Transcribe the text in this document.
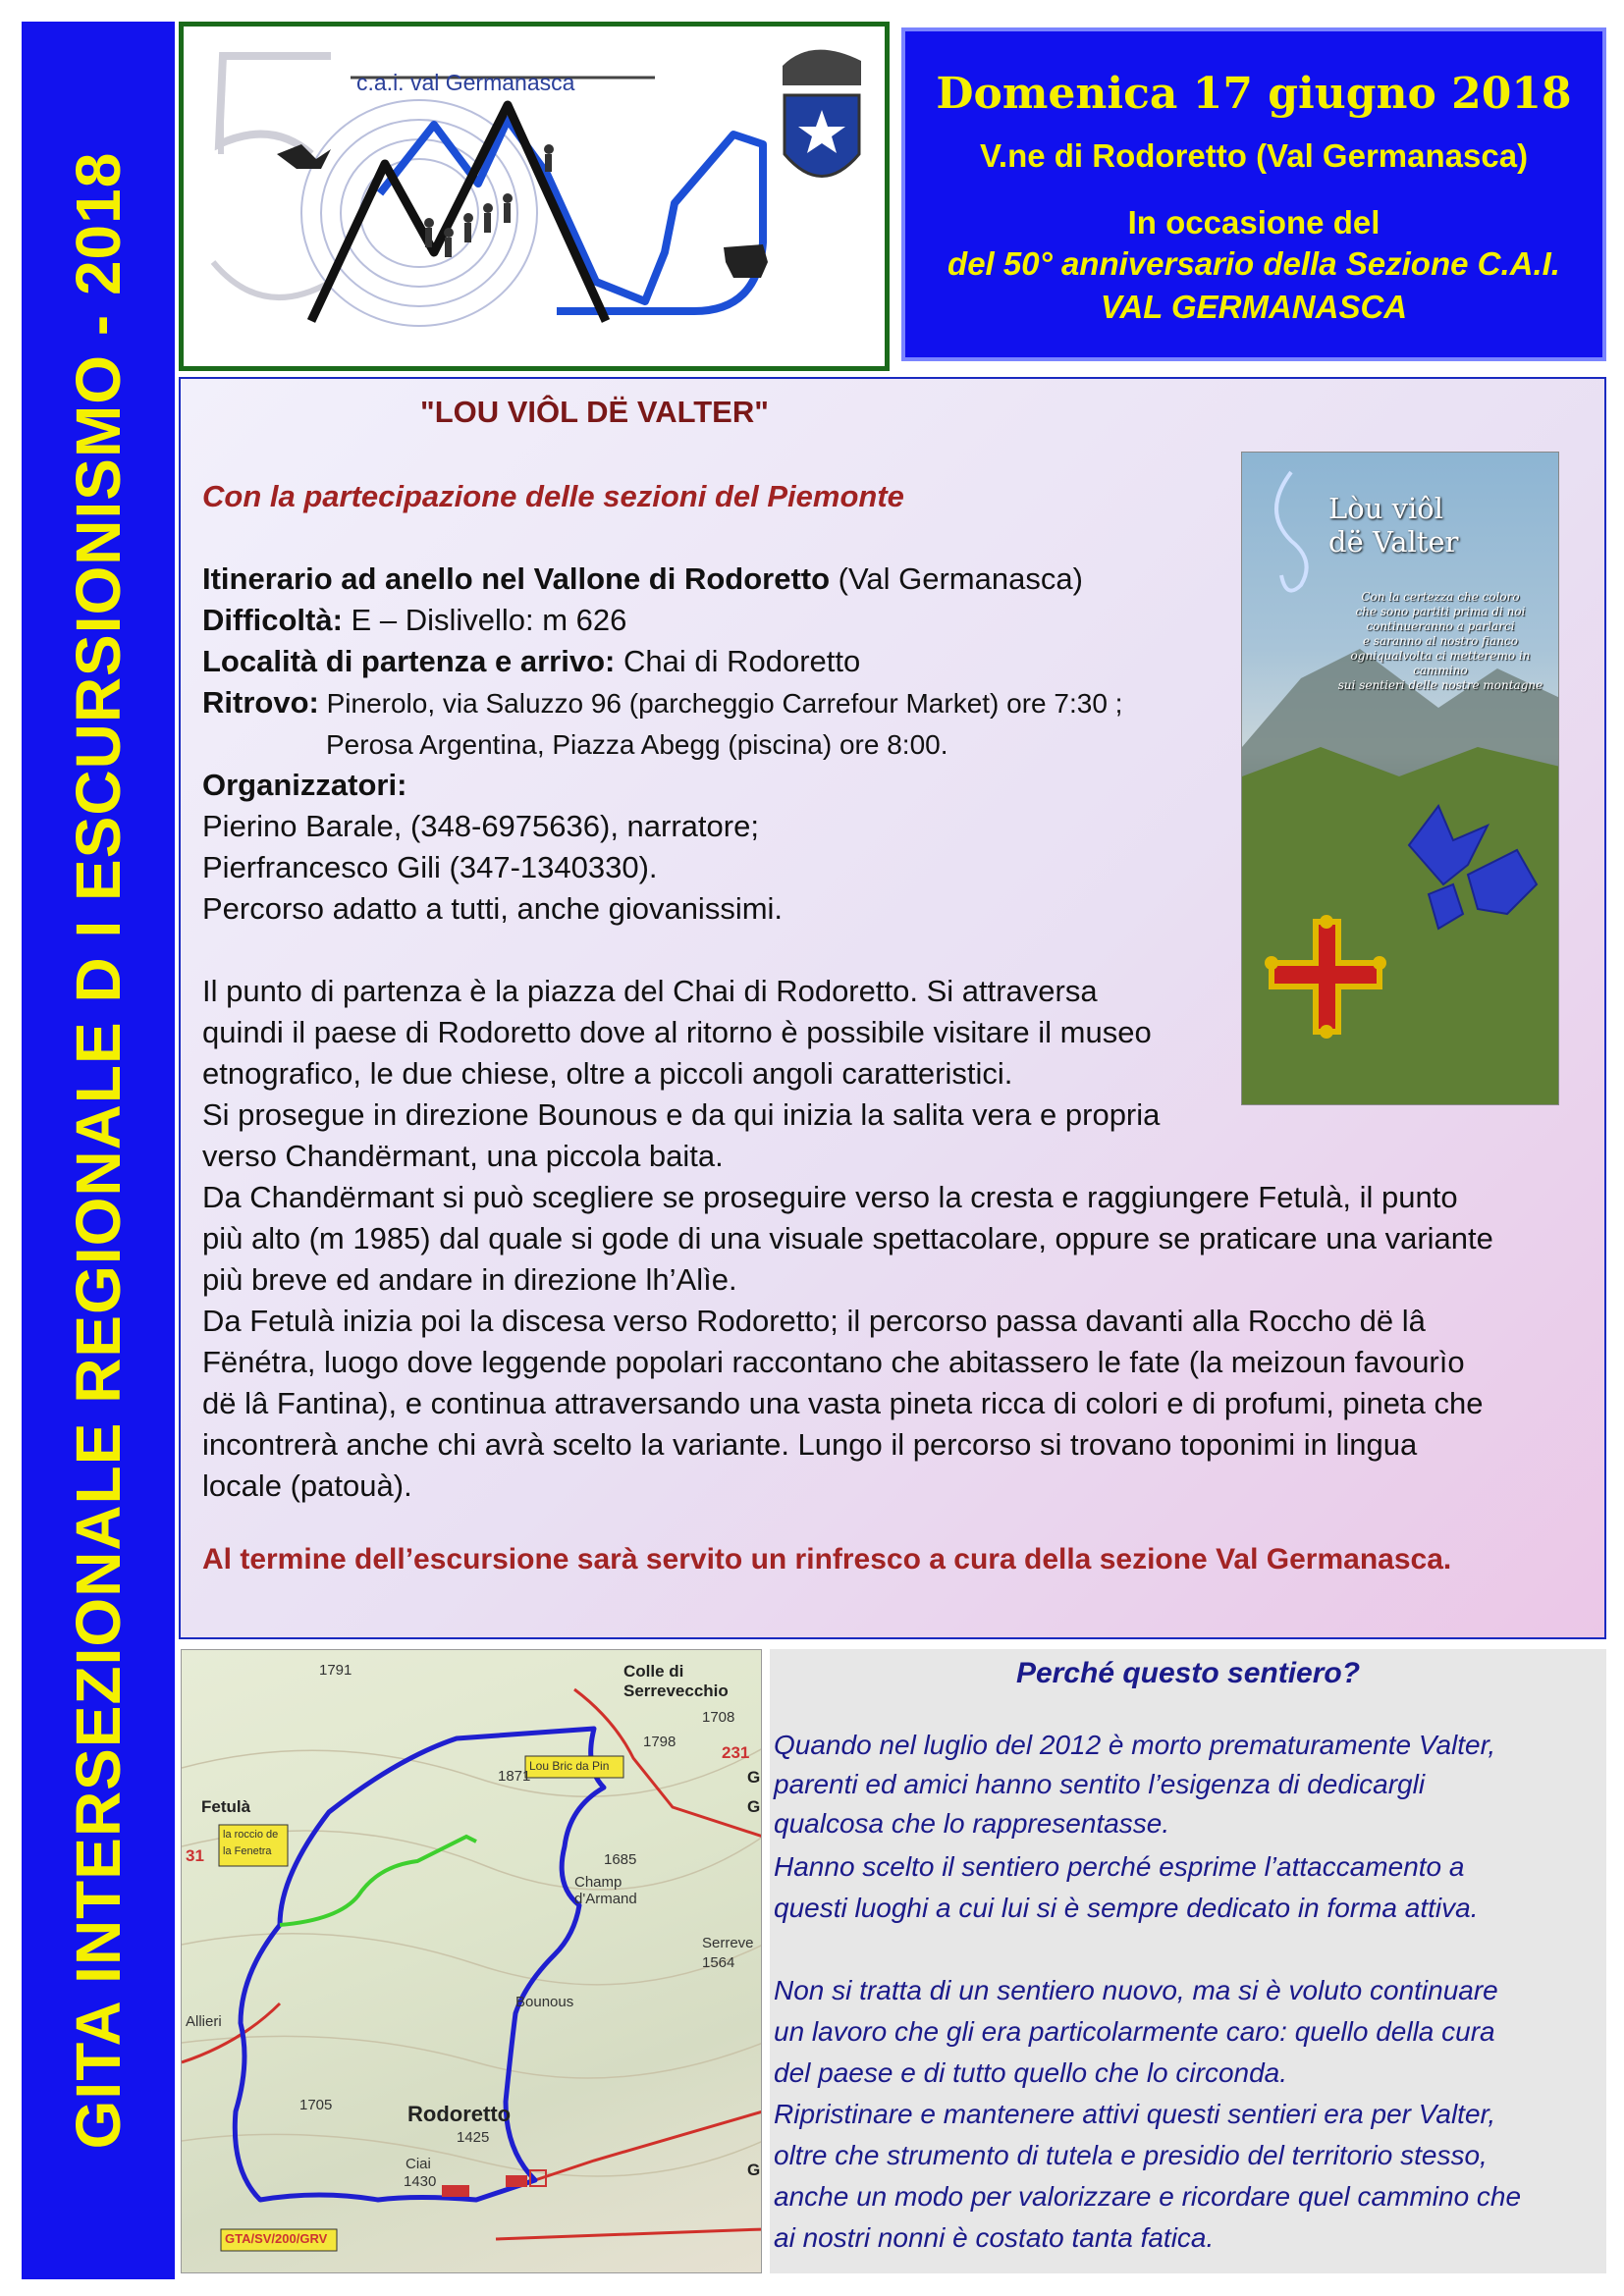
GITA INTERSEZIONALE REGIONALE D I ESCURSIONISMO - 2018
c.a.i. val Germanasca	Domenica 17 giugno 2018
V.ne di Rodoretto (Val Germanasca)
In occasione del
del 50° anniversario della Sezione C.A.I.
VAL GERMANASCA
"LOU VIÔL DË VALTER"
Con la partecipazione delle sezioni del Piemonte
Itinerario ad anello nel Vallone di Rodoretto (Val Germanasca)
Difficoltà: E – Dislivello: m 626
Località di partenza e arrivo: Chai di Rodoretto
Ritrovo: Pinerolo, via Saluzzo 96 (parcheggio Carrefour Market) ore 7:30 ;
Perosa Argentina, Piazza Abegg (piscina) ore 8:00.
Organizzatori:
Pierino Barale, (348-6975636), narratore;
Pierfrancesco Gili (347-1340330).
Percorso adatto a tutti, anche giovanissimi.
Il punto di partenza è la piazza del Chai di Rodoretto. Si attraversa
quindi il paese di Rodoretto dove al ritorno è possibile visitare il museo
etnografico, le due chiese, oltre a piccoli angoli caratteristici.
Si prosegue in direzione Bounous e da qui inizia la salita vera e propria
verso Chandërmant, una piccola baita.
Da Chandërmant si può scegliere se proseguire verso la cresta e raggiungere Fetulà, il punto
più alto (m 1985) dal quale si gode di una visuale spettacolare, oppure se praticare una variante
più breve ed andare in direzione lh’Alìe.
Da Fetulà inizia poi la discesa verso Rodoretto; il percorso passa davanti alla Roccho dë lâ
Fënétra, luogo dove leggende popolari raccontano che abitassero le fate (la meizoun favourìo
dë lâ Fantina), e continua attraversando una vasta pineta ricca di colori e di profumi, pineta che
incontrerà anche chi avrà scelto la variante. Lungo il percorso si trovano toponimi in lingua
locale (patouà).
Al termine dell’escursione sarà servito un rinfresco a cura della sezione Val Germanasca.
Lòu viôl
dë Valter
Con la certezza che coloro
che sono partiti prima di noi
continueranno a parlarci
e saranno al nostro fianco
ogniqualvolta ci metteremo in cammino
sui sentieri delle nostre montagne
Colle di
Serrevecchio
1791
1708
1798
231
1871
Lou Bric da Pin
Fetulà
la roccio de
la Fenetra
31	1685
Champ
d'Armand
Serreve
1564
Bounous
Allieri
1705	Rodoretto
1425
Ciai
1430
GTA/SV/200/GRV
G
G
G
Perché questo sentiero?
Quando nel luglio del 2012 è morto prematuramente Valter,
parenti ed amici hanno sentito l’esigenza di dedicargli
qualcosa che lo rappresentasse.
Hanno scelto il sentiero perché esprime l’attaccamento a
questi luoghi a cui lui si è sempre dedicato in forma attiva.
Non si tratta di un sentiero nuovo, ma si è voluto continuare
un lavoro che gli era particolarmente caro: quello della cura
del paese e di tutto quello che lo circonda.
Ripristinare e mantenere attivi questi sentieri era per Valter,
oltre che strumento di tutela e presidio del territorio stesso,
anche un modo per valorizzare e ricordare quel cammino che
ai nostri nonni è costato tanta fatica.
